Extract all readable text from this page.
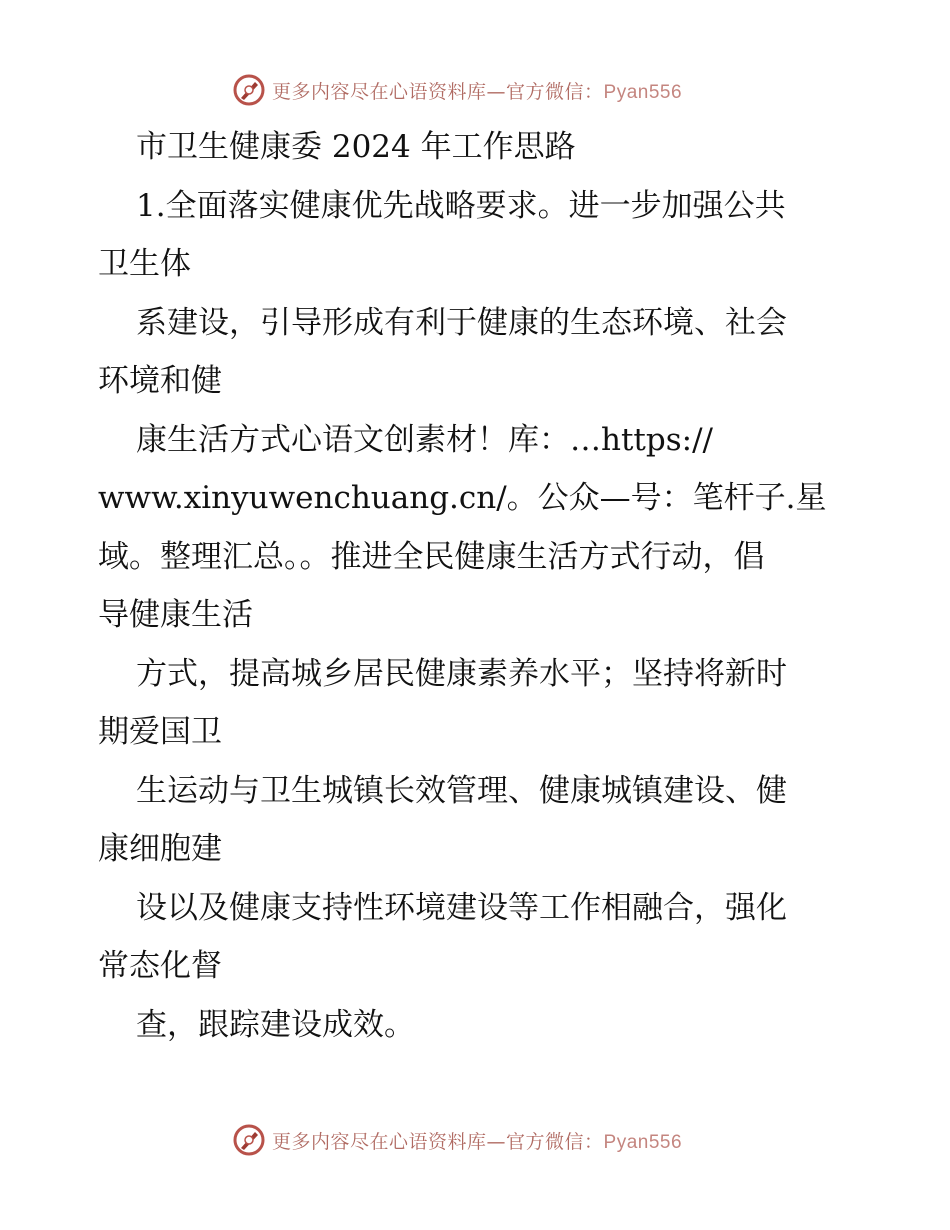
更多内容尽在心语资料库—官方微信：Pyan556
市卫生健康委 2024 年工作思路
1.全面落实健康优先战略要求。进一步加强公共
卫生体
系建设，引导形成有利于健康的生态环境、社会
环境和健
康生活方式心语文创素材！库：…https://
www.xinyuwenchuang.cn/。公众—号：笔杆子.星
域。整理汇总。。推进全民健康生活方式行动，倡
导健康生活
方式，提高城乡居民健康素养水平；坚持将新时
期爱国卫
生运动与卫生城镇长效管理、健康城镇建设、健
康细胞建
设以及健康支持性环境建设等工作相融合，强化
常态化督
查，跟踪建设成效。
更多内容尽在心语资料库—官方微信：Pyan556
